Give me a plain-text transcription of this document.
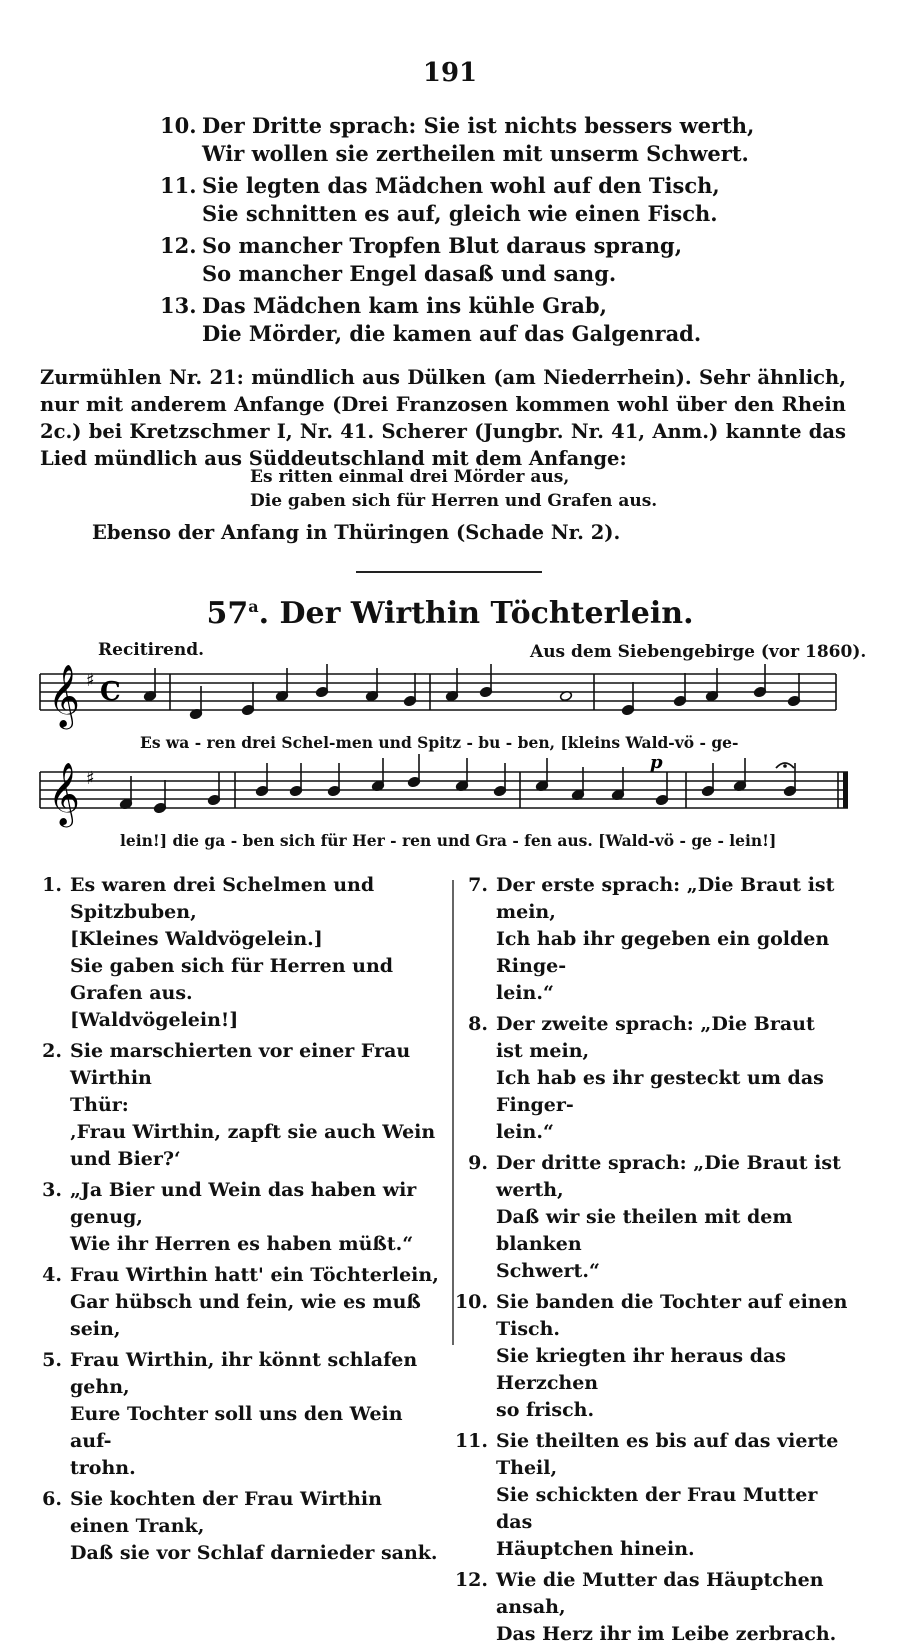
191
10. Der Dritte sprach: Sie ist nichts bessers werth,
Wir wollen sie zertheilen mit unserm Schwert.
11. Sie legten das Mädchen wohl auf den Tisch,
Sie schnitten es auf, gleich wie einen Fisch.
12. So mancher Tropfen Blut daraus sprang,
So mancher Engel dasaß und sang.
13. Das Mädchen kam ins kühle Grab,
Die Mörder, die kamen auf das Galgenrad.
Zurmühlen Nr. 21: mündlich aus Dülken (am Niederrhein). Sehr ähnlich, nur mit anderem Anfange (Drei Franzosen kommen wohl über den Rhein 2c.) bei Kretzschmer I, Nr. 41. Scherer (Jungbr. Nr. 41, Anm.) kannte das Lied mündlich aus Süddeutschland mit dem Anfange:
Es ritten einmal drei Mörder aus,
Die gaben sich für Herren und Grafen aus.
Ebenso der Anfang in Thüringen (Schade Nr. 2).
57$^a$. Der Wirthin Töchterlein.
Recitirend.	Aus dem Siebengebirge (vor 1860).
𝄞 ♯ C
Es wa - ren drei Schel-men und Spitz - bu - ben, [kleins Wald-vö - ge-
𝄞 ♯
p
lein!] die ga - ben sich für Her - ren und Gra - fen aus. [Wald-vö - ge - lein!]
1. Es waren drei Schelmen und Spitzbuben,
[Kleines Waldvögelein.]
Sie gaben sich für Herren und Grafen aus.
[Waldvögelein!]
2. Sie marschierten vor einer Frau Wirthin
Thür:
‚Frau Wirthin, zapft sie auch Wein
und Bier?‘
3. „Ja Bier und Wein das haben wir
genug,
Wie ihr Herren es haben müßt.“
4. Frau Wirthin hatt' ein Töchterlein,
Gar hübsch und fein, wie es muß sein,
5. Frau Wirthin, ihr könnt schlafen gehn,
Eure Tochter soll uns den Wein auf-
trohn.
6. Sie kochten der Frau Wirthin einen Trank,
Daß sie vor Schlaf darnieder sank.
7. Der erste sprach: „Die Braut ist mein,
Ich hab ihr gegeben ein golden Ringe-
lein.“
8. Der zweite sprach: „Die Braut ist mein,
Ich hab es ihr gesteckt um das Finger-
lein.“
9. Der dritte sprach: „Die Braut ist
werth,
Daß wir sie theilen mit dem blanken
Schwert.“
10. Sie banden die Tochter auf einen Tisch.
Sie kriegten ihr heraus das Herzchen
so frisch.
11. Sie theilten es bis auf das vierte Theil,
Sie schickten der Frau Mutter das
Häuptchen hinein.
12. Wie die Mutter das Häuptchen ansah,
Das Herz ihr im Leibe zerbrach.
